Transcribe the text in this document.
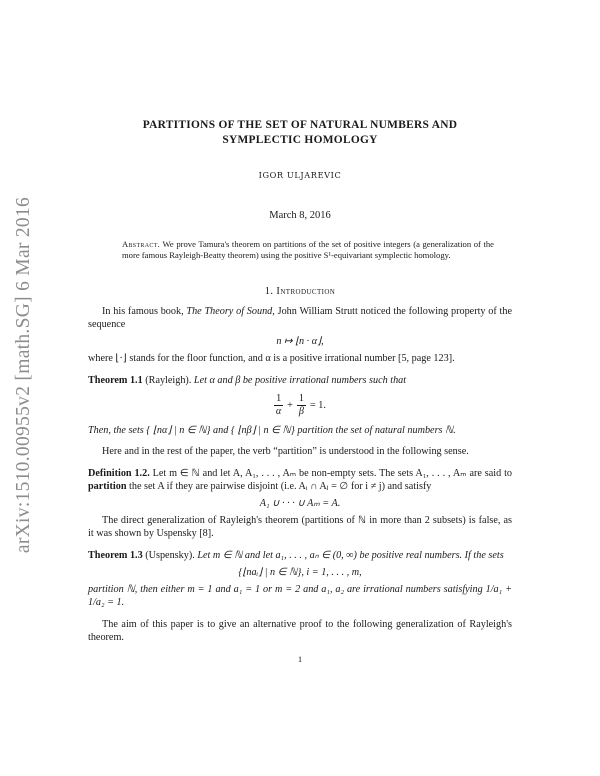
arXiv:1510.00955v2 [math.SG] 6 Mar 2016
PARTITIONS OF THE SET OF NATURAL NUMBERS AND
SYMPLECTIC HOMOLOGY
IGOR ULJAREVIC
March 8, 2016
Abstract. We prove Tamura's theorem on partitions of the set of positive integers (a generalization of the more famous Rayleigh-Beatty theorem) using the positive S¹-equivariant symplectic homology.
1. Introduction

In his famous book, The Theory of Sound, John William Strutt noticed the following property of the sequence

n ↦ ⌊n · α⌋,

where ⌊·⌋ stands for the floor function, and α is a positive irrational number [5, page 123].

Theorem 1.1 (Rayleigh). Let α and β be positive irrational numbers such that

$\frac{1}{\alpha} + \frac{1}{\beta} = 1$.

Then, the sets { ⌊nα⌋ | n ∈ ℕ} and { ⌊nβ⌋ | n ∈ ℕ} partition the set of natural numbers ℕ.

Here and in the rest of the paper, the verb “partition” is understood in the following sense.

Definition 1.2. Let m ∈ ℕ and let A, A₁, . . . , Aₘ be non-empty sets. The sets A₁, . . . , Aₘ are said to partition the set A if they are pairwise disjoint (i.e. Aᵢ ∩ Aⱼ = ∅ for i ≠ j) and satisfy

A₁ ∪ · · · ∪ Aₘ = A.

The direct generalization of Rayleigh's theorem (partitions of ℕ in more than 2 subsets) is false, as it was shown by Uspensky [8].

Theorem 1.3 (Uspensky). Let m ∈ ℕ and let a₁, . . . , aₙ ∈ (0, ∞) be positive real numbers. If the sets

{⌊naᵢ⌋ | n ∈ ℕ}, i = 1, . . . , m,

partition ℕ, then either m = 1 and a₁ = 1 or m = 2 and a₁, a₂ are irrational numbers satisfying 1/a₁ + 1/a₂ = 1.

The aim of this paper is to give an alternative proof to the following generalization of Rayleigh's theorem.

1
